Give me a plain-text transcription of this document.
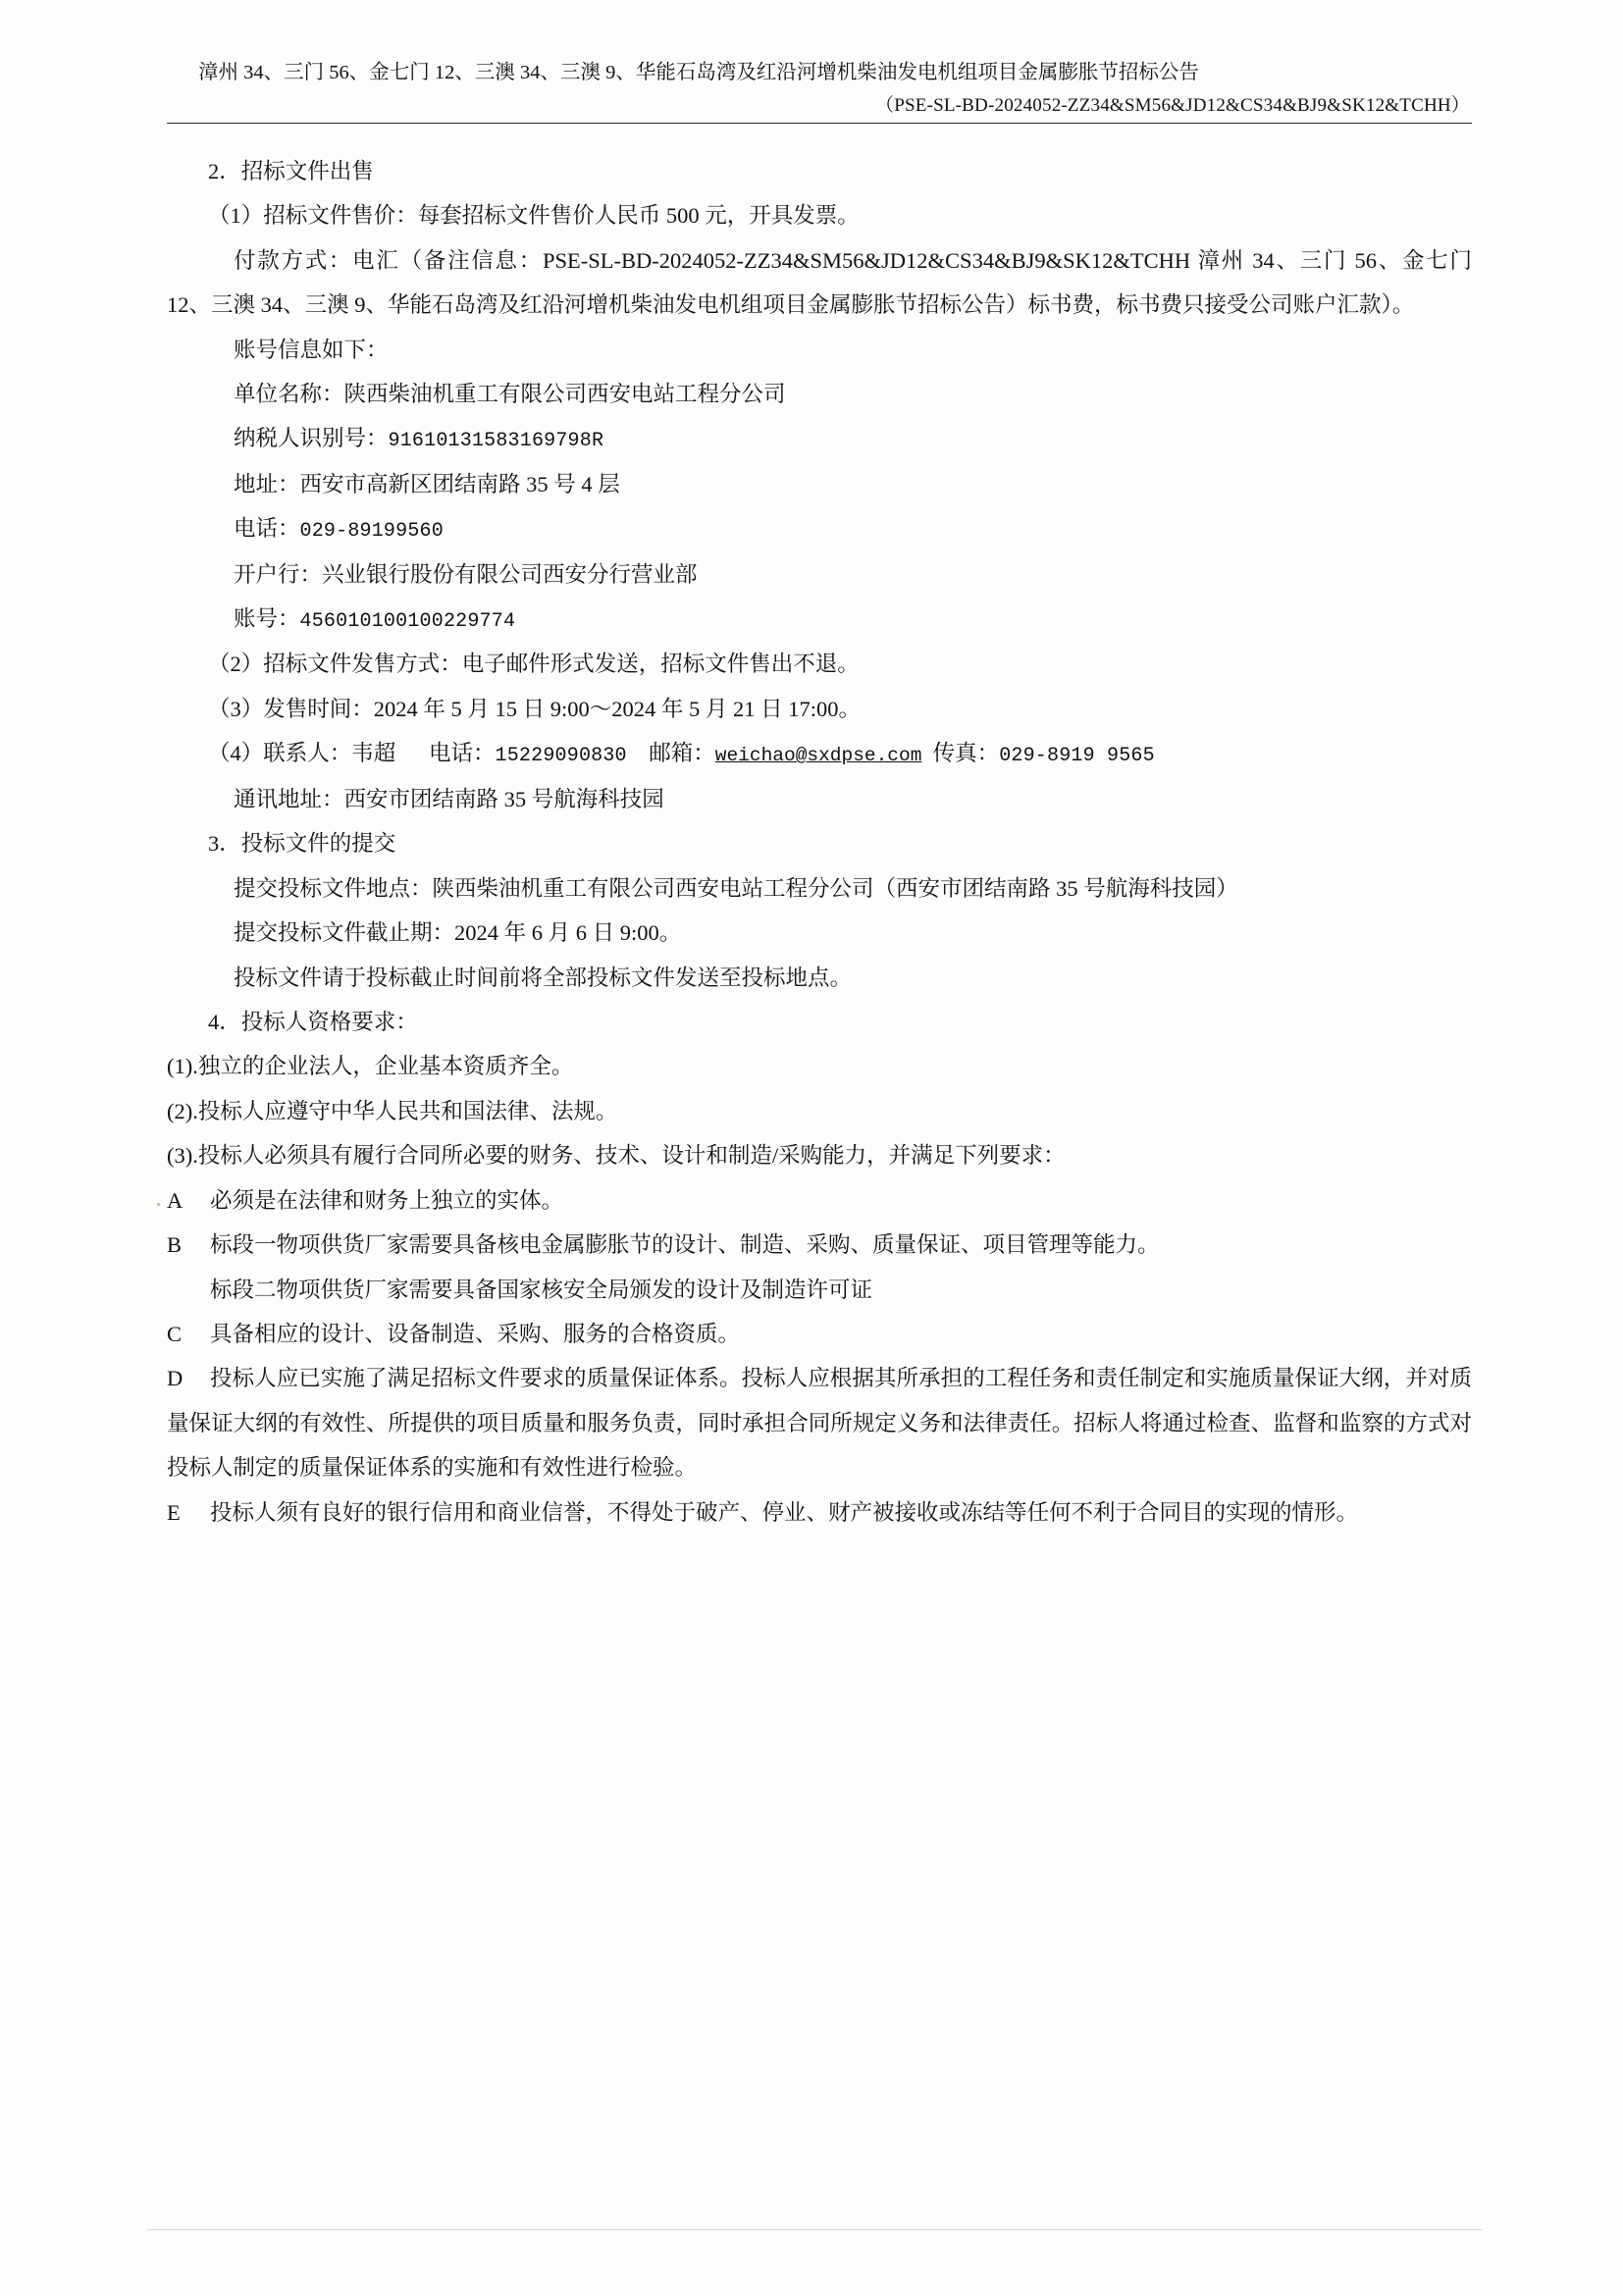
漳州 34、三门 56、金七门 12、三澳 34、三澳 9、华能石岛湾及红沿河增机柴油发电机组项目金属膨胀节招标公告
（PSE-SL-BD-2024052-ZZ34&SM56&JD12&CS34&BJ9&SK12&TCHH）

2．招标文件出售

（1）招标文件售价：每套招标文件售价人民币 500 元，开具发票。

付款方式：电汇（备注信息：PSE-SL-BD-2024052-ZZ34&SM56&JD12&CS34&BJ9&SK12&TCHH 漳州 34、三门 56、金七门 12、三澳 34、三澳 9、华能石岛湾及红沿河增机柴油发电机组项目金属膨胀节招标公告）标书费，标书费只接受公司账户汇款）。

账号信息如下：

单位名称：陕西柴油机重工有限公司西安电站工程分公司

纳税人识别号：91610131583169798R

地址：西安市高新区团结南路 35 号 4 层

电话：029-89199560

开户行：兴业银行股份有限公司西安分行营业部

账号：456010100100229774

（2）招标文件发售方式：电子邮件形式发送，招标文件售出不退。

（3）发售时间：2024 年 5 月 15 日 9:00～2024 年 5 月 21 日 17:00。

（4）联系人：韦超 电话：15229090830 邮箱：weichao@sxdpse.com 传真：029-8919 9565

通讯地址：西安市团结南路 35 号航海科技园

3．投标文件的提交

提交投标文件地点：陕西柴油机重工有限公司西安电站工程分公司（西安市团结南路 35 号航海科技园）

提交投标文件截止期：2024 年 6 月 6 日 9:00。

投标文件请于投标截止时间前将全部投标文件发送至投标地点。

4．投标人资格要求：

(1).独立的企业法人，企业基本资质齐全。

(2).投标人应遵守中华人民共和国法律、法规。

(3).投标人必须具有履行合同所必要的财务、技术、设计和制造/采购能力，并满足下列要求：

A	必须是在法律和财务上独立的实体。

B	标段一物项供货厂家需要具备核电金属膨胀节的设计、制造、采购、质量保证、项目管理等能力。

标段二物项供货厂家需要具备国家核安全局颁发的设计及制造许可证

C	具备相应的设计、设备制造、采购、服务的合格资质。

D 投标人应已实施了满足招标文件要求的质量保证体系。投标人应根据其所承担的工程任务和责任制定和实施质量保证大纲，并对质量保证大纲的有效性、所提供的项目质量和服务负责，同时承担合同所规定义务和法律责任。招标人将通过检查、监督和监察的方式对投标人制定的质量保证体系的实施和有效性进行检验。

E 投标人须有良好的银行信用和商业信誉，不得处于破产、停业、财产被接收或冻结等任何不利于合同目的实现的情形。
